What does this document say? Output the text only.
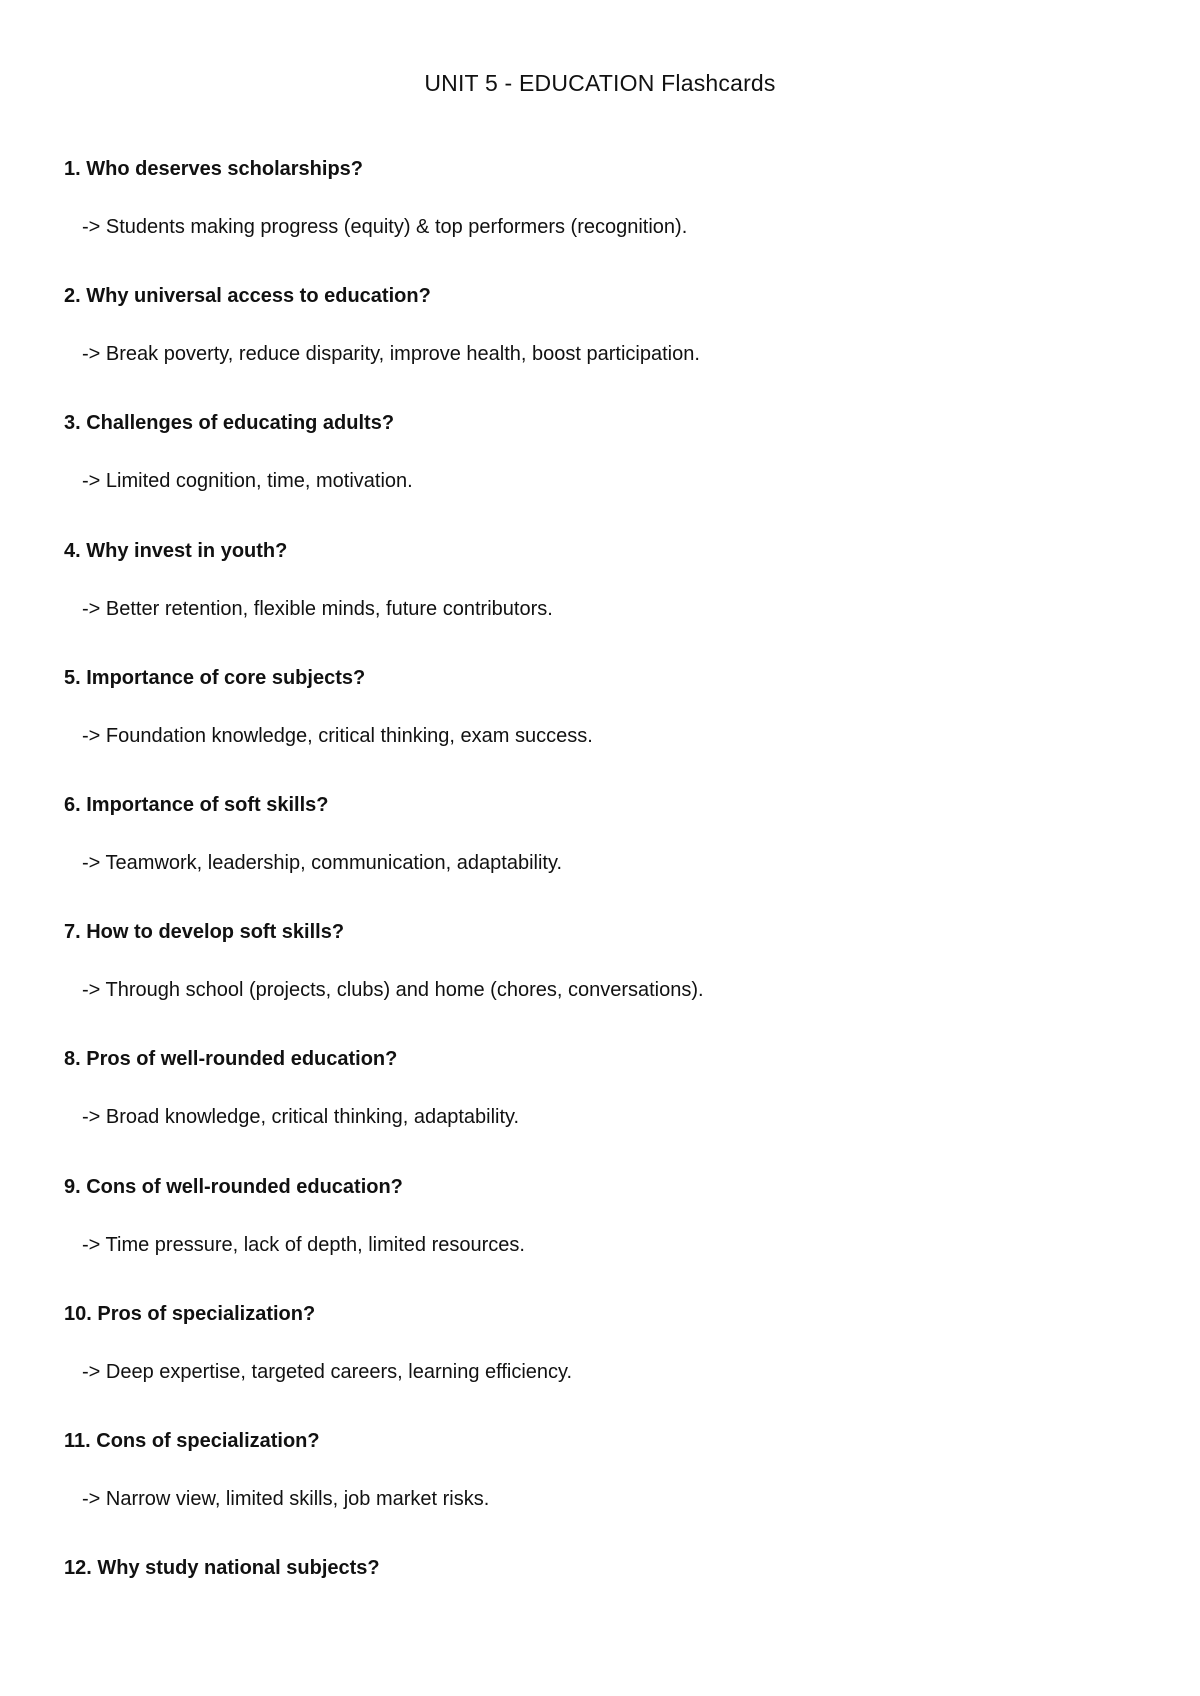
UNIT 5 - EDUCATION Flashcards

1. Who deserves scholarships?

-> Students making progress (equity) & top performers (recognition).

2. Why universal access to education?

-> Break poverty, reduce disparity, improve health, boost participation.

3. Challenges of educating adults?

-> Limited cognition, time, motivation.

4. Why invest in youth?

-> Better retention, flexible minds, future contributors.

5. Importance of core subjects?

-> Foundation knowledge, critical thinking, exam success.

6. Importance of soft skills?

-> Teamwork, leadership, communication, adaptability.

7. How to develop soft skills?

-> Through school (projects, clubs) and home (chores, conversations).

8. Pros of well-rounded education?

-> Broad knowledge, critical thinking, adaptability.

9. Cons of well-rounded education?

-> Time pressure, lack of depth, limited resources.

10. Pros of specialization?

-> Deep expertise, targeted careers, learning efficiency.

11. Cons of specialization?

-> Narrow view, limited skills, job market risks.

12. Why study national subjects?
